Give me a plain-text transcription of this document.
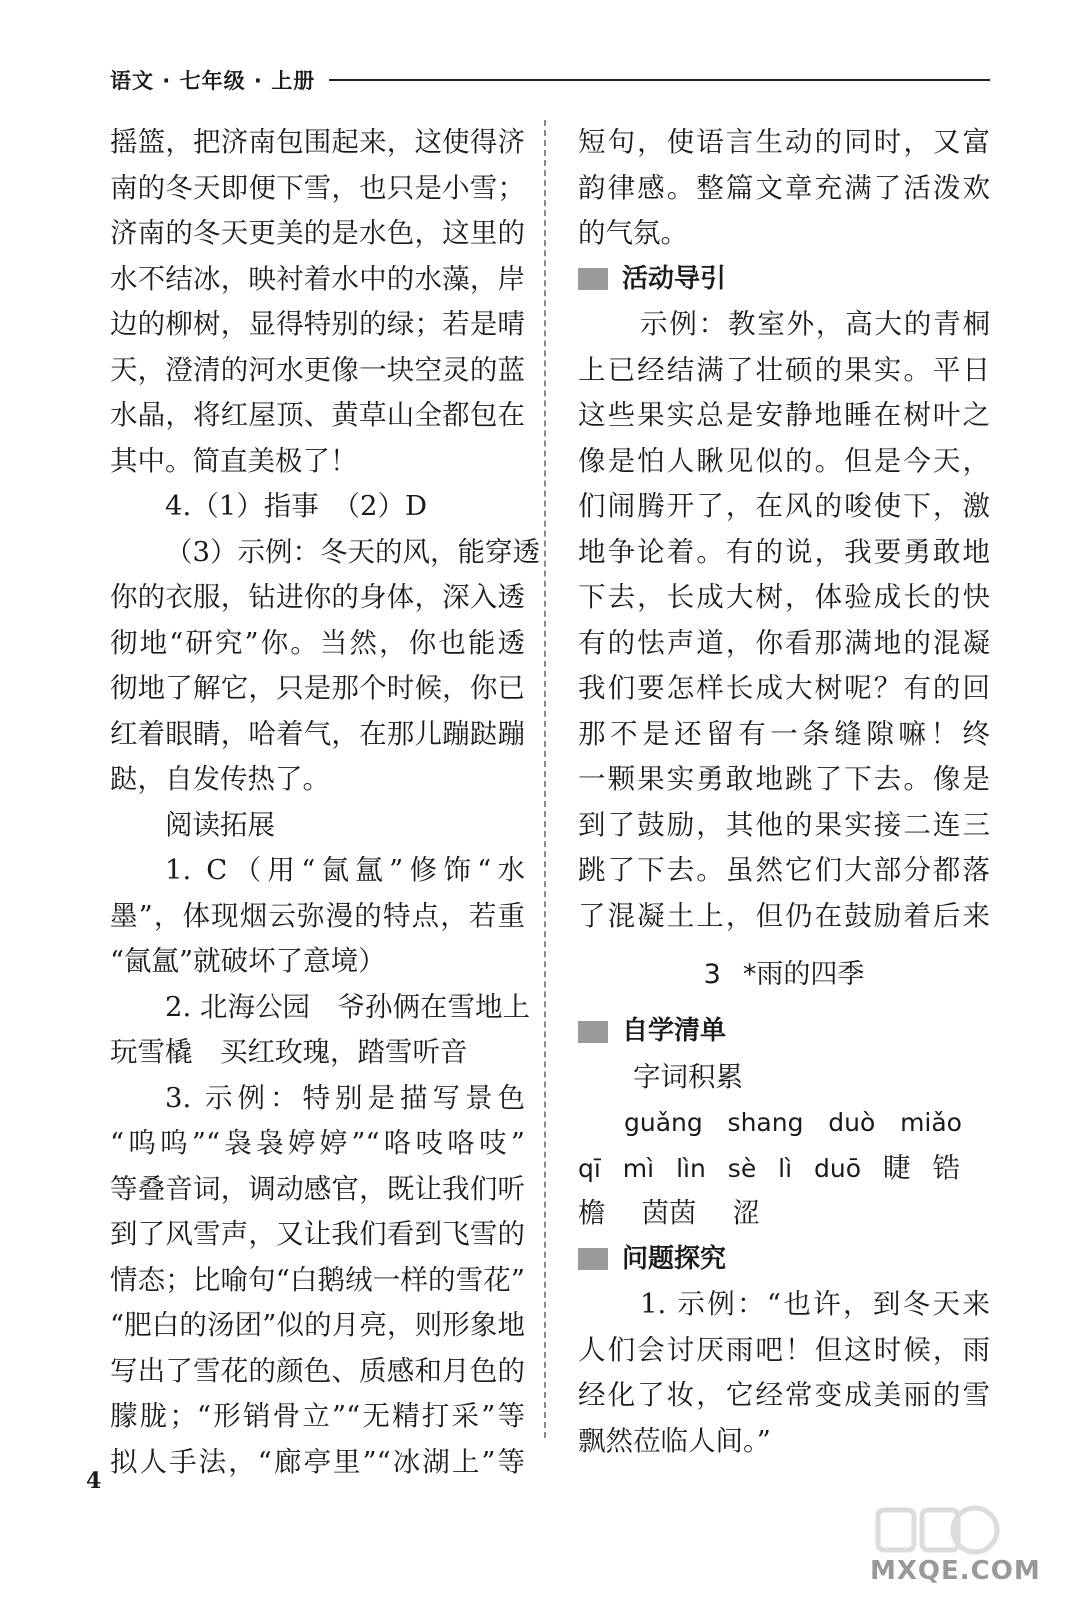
语文 · 七年级 · 上册
摇篮，把济南包围起来，这使得济
南的冬天即便下雪，也只是小雪；
济南的冬天更美的是水色，这里的
水不结冰，映衬着水中的水藻，岸
边的柳树，显得特别的绿；若是晴
天，澄清的河水更像一块空灵的蓝
水晶，将红屋顶、黄草山全都包在
其中。简直美极了！
4.（1）指事　（2）D
（3）示例：冬天的风，能穿透
你的衣服，钻进你的身体，深入透
彻地“研究”你。当然，你也能透
彻地了解它，只是那个时候，你已
红着眼睛，哈着气，在那儿蹦跶蹦
跶，自发传热了。
阅读拓展
1. C（用“氤氲”修饰“水
墨”，体现烟云弥漫的特点，若重
“氤氲”就破坏了意境）
2. 北海公园　爷孙俩在雪地上
玩雪橇　买红玫瑰，踏雪听音
3. 示例：特别是描写景色
“呜呜”“袅袅婷婷”“咯吱咯吱”
等叠音词，调动感官，既让我们听
到了风雪声，又让我们看到飞雪的
情态；比喻句“白鹅绒一样的雪花”
“肥白的汤团”似的月亮，则形象地
写出了雪花的颜色、质感和月色的
朦胧；“形销骨立”“无精打采”等
拟人手法，“廊亭里”“冰湖上”等
短句，使语言生动的同时，又富
韵律感。整篇文章充满了活泼欢
的气氛。
活动导引
示例：教室外，高大的青桐
上已经结满了壮硕的果实。平日
这些果实总是安静地睡在树叶之
像是怕人瞅见似的。但是今天，
们闹腾开了，在风的唆使下，激
地争论着。有的说，我要勇敢地
下去，长成大树，体验成长的快
有的怯声道，你看那满地的混凝
我们要怎样长成大树呢？有的回
那不是还留有一条缝隙嘛！终
一颗果实勇敢地跳了下去。像是
到了鼓励，其他的果实接二连三
跳了下去。虽然它们大部分都落
了混凝土上，但仍在鼓励着后来
3 *雨的四季
自学清单
字词积累
guǎng shang duò miǎo
qī mì lìn sè lì duō 睫 锆
檐 茵茵 涩
问题探究
1. 示例：“也许，到冬天来
人们会讨厌雨吧！但这时候，雨
经化了妆，它经常变成美丽的雪
飘然莅临人间。”
4
MXQE.COM
